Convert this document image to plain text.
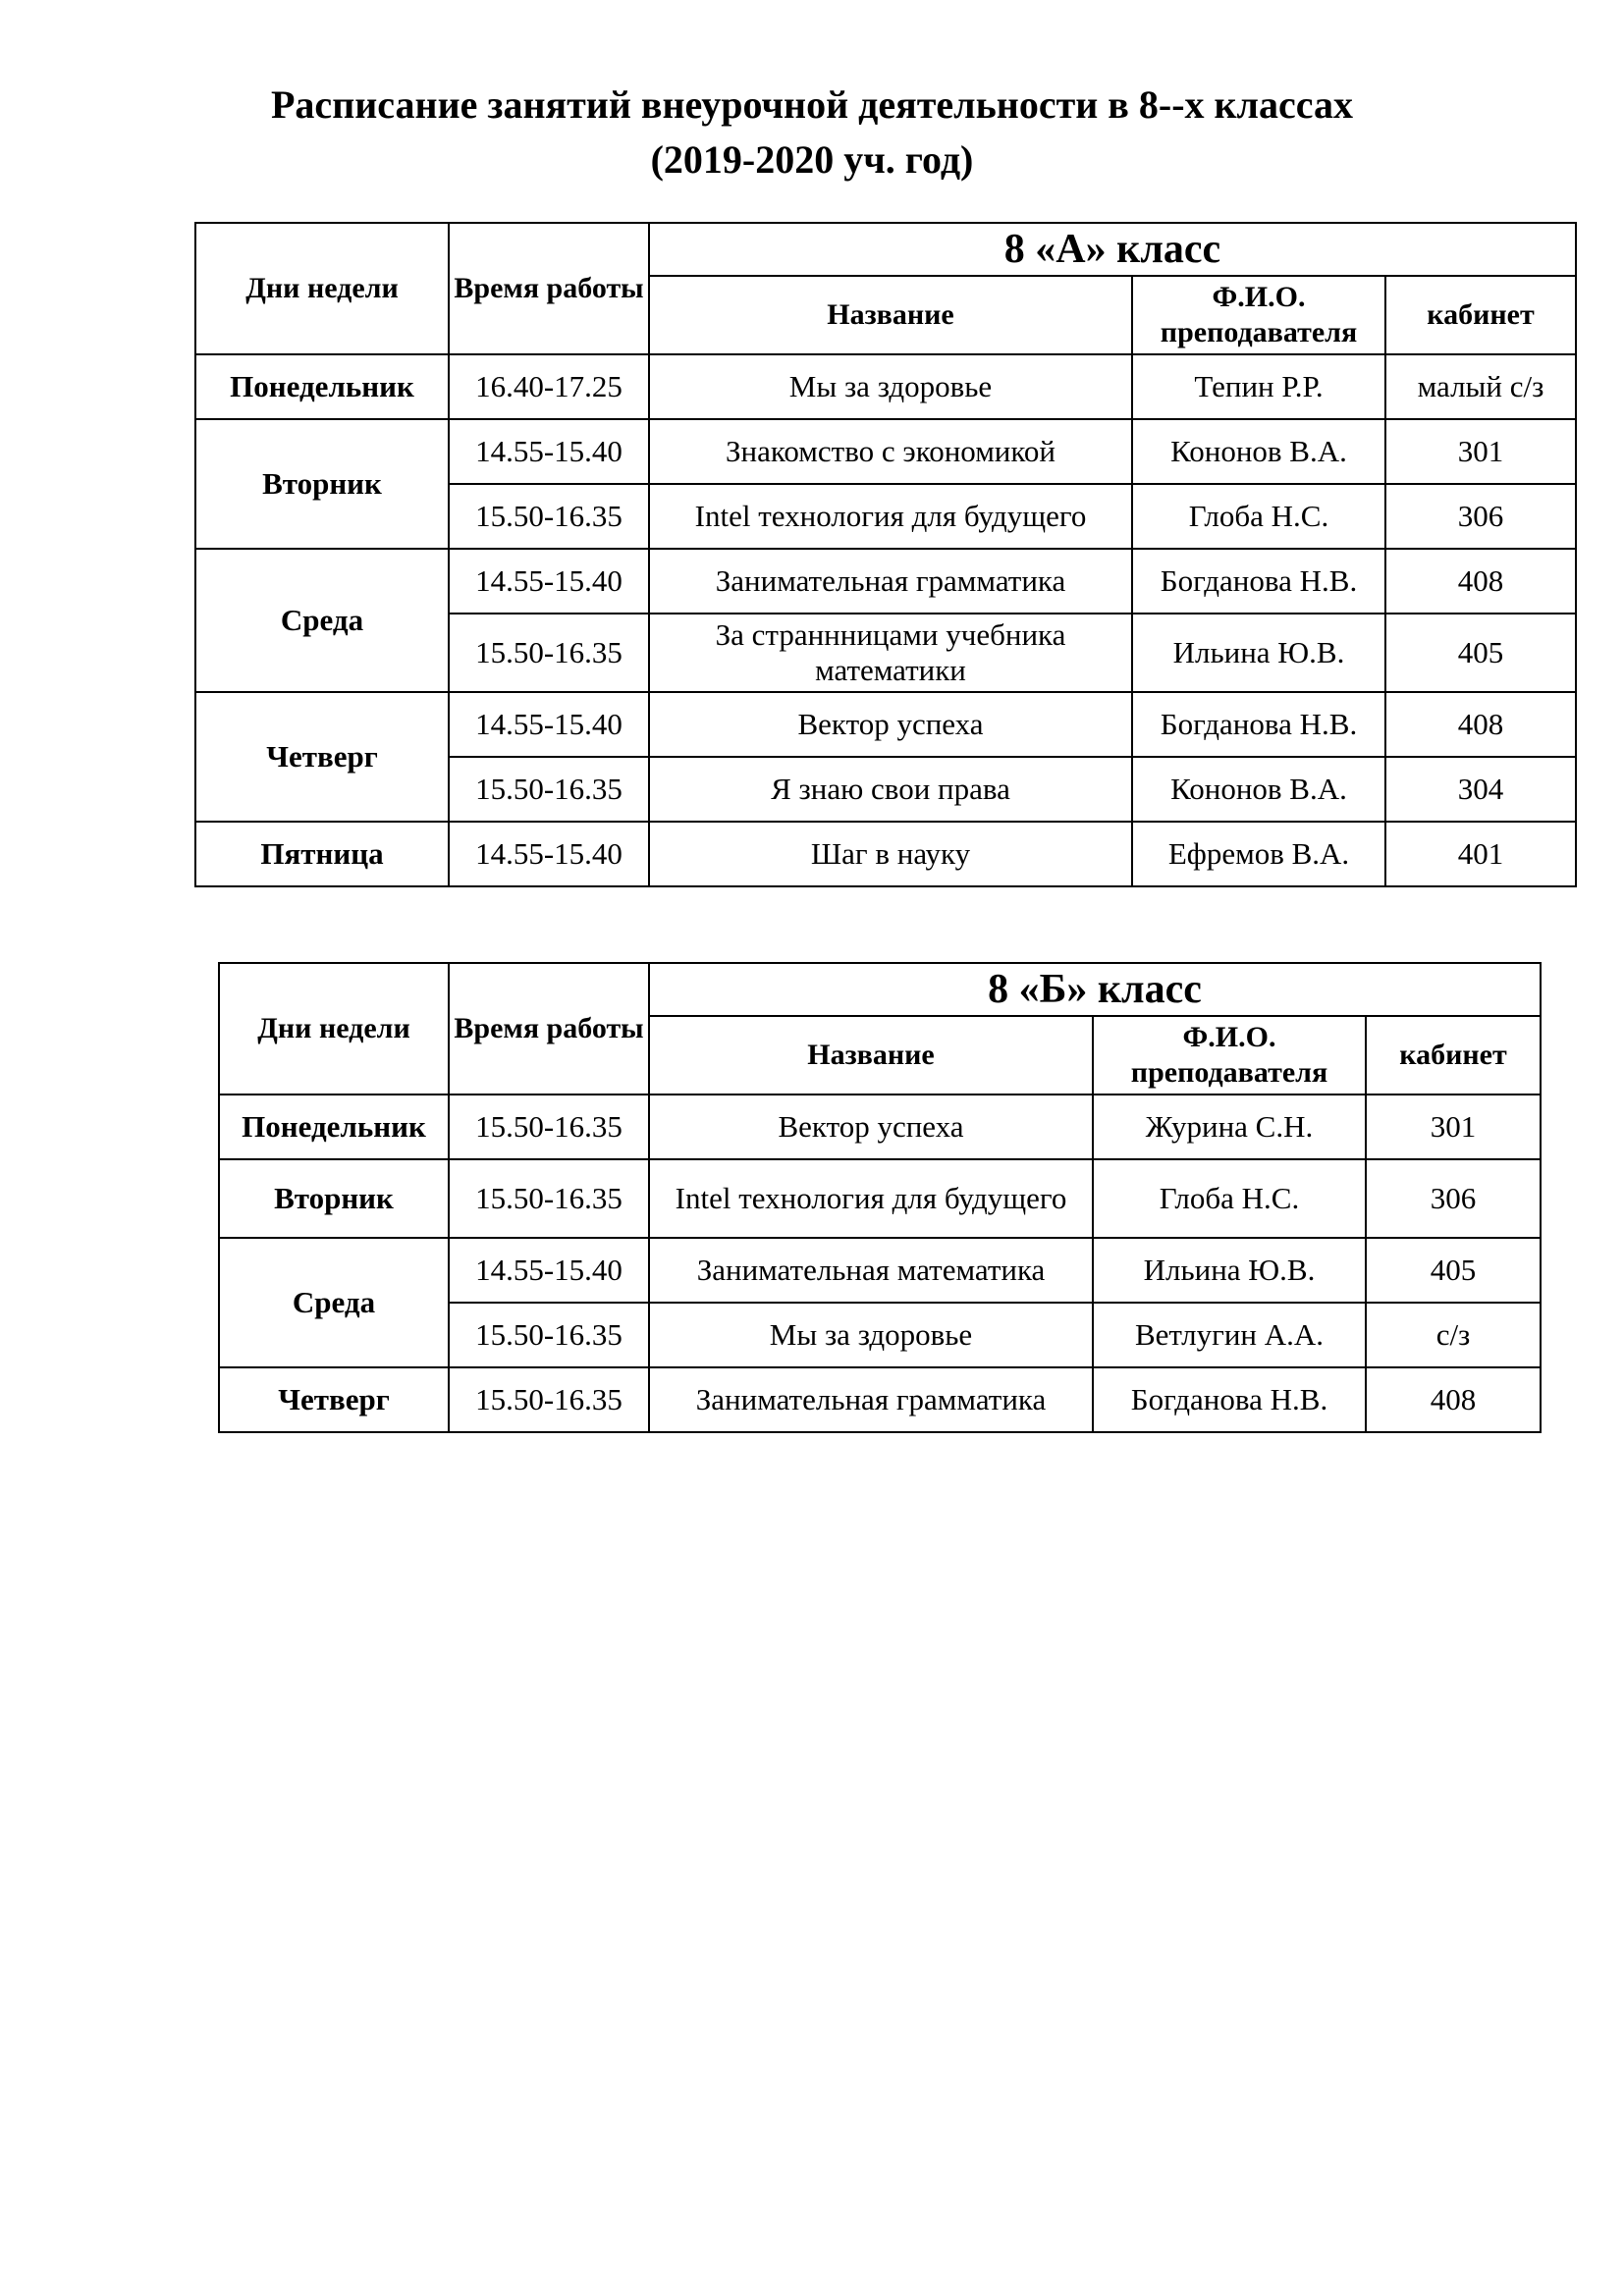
Расписание занятий внеурочной деятельности в 8--х классах
(2019-2020 уч. год)
Дни недели	Время работы	8 «А» класс		
		Название	Ф.И.О. преподавателя	кабинет
Понедельник	16.40-17.25	Мы за здоровье	Тепин Р.Р.	малый с/з
Вторник	14.55-15.40	Знакомство с экономикой	Кононов В.А.	301
	15.50-16.35	Intel технология для будущего	Глоба Н.С.	306
Среда	14.55-15.40	Занимательная грамматика	Богданова Н.В.	408
	15.50-16.35	За страннницами учебника математики	Ильина Ю.В.	405
Четверг	14.55-15.40	Вектор успеха	Богданова Н.В.	408
	15.50-16.35	Я знаю свои права	Кононов В.А.	304
Пятница	14.55-15.40	Шаг в науку	Ефремов В.А.	401
Дни недели	Время работы	8 «Б» класс		
		Название	Ф.И.О. преподавателя	кабинет
Понедельник	15.50-16.35	Вектор успеха	Журина С.Н.	301
Вторник	15.50-16.35	Intel технология для будущего	Глоба Н.С.	306
Среда	14.55-15.40	Занимательная математика	Ильина Ю.В.	405
	15.50-16.35	Мы за здоровье	Ветлугин А.А.	с/з
Четверг	15.50-16.35	Занимательная грамматика	Богданова Н.В.	408
